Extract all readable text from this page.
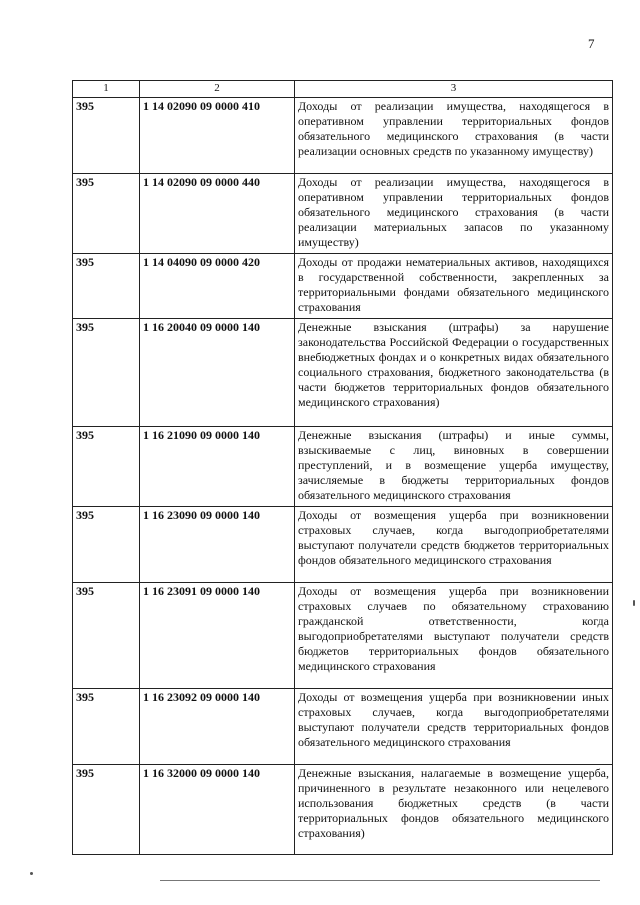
7
1	2	3
395	1 14 02090 09 0000 410	Доходы от реализации имущества, находящегося в оперативном управлении территориальных фондов обязательного медицинского страхования (в части реализации основных средств по указанному имуществу)
395	1 14 02090 09 0000 440	Доходы от реализации имущества, находящегося в оперативном управлении территориальных фондов обязательного медицинского страхования (в части реализации материальных запасов по указанному имуществу)
395	1 14 04090 09 0000 420	Доходы от продажи нематериальных активов, находящихся в государственной собственности, закрепленных за территориальными фондами обязательного медицинского страхования
395	1 16 20040 09 0000 140	Денежные взыскания (штрафы) за нарушение законодательства Российской Федерации о государственных внебюджетных фондах и о конкретных видах обязательного социального страхования, бюджетного законодательства (в части бюджетов территориальных фондов обязательного медицинского страхования)
395	1 16 21090 09 0000 140	Денежные взыскания (штрафы) и иные суммы, взыскиваемые с лиц, виновных в совершении преступлений, и в возмещение ущерба имуществу, зачисляемые в бюджеты территориальных фондов обязательного медицинского страхования
395	1 16 23090 09 0000 140	Доходы от возмещения ущерба при возникновении страховых случаев, когда выгодоприобретателями выступают получатели средств бюджетов территориальных фондов обязательного медицинского страхования
395	1 16 23091 09 0000 140	Доходы от возмещения ущерба при возникновении страховых случаев по обязательному страхованию гражданской ответственности, когда выгодоприобретателями выступают получатели средств бюджетов территориальных фондов обязательного медицинского страхования
395	1 16 23092 09 0000 140	Доходы от возмещения ущерба при возникновении иных страховых случаев, когда выгодоприобретателями выступают получатели средств территориальных фондов обязательного медицинского страхования
395	1 16 32000 09 0000 140	Денежные взыскания, налагаемые в возмещение ущерба, причиненного в результате незаконного или нецелевого использования бюджетных средств (в части территориальных фондов обязательного медицинского страхования)
